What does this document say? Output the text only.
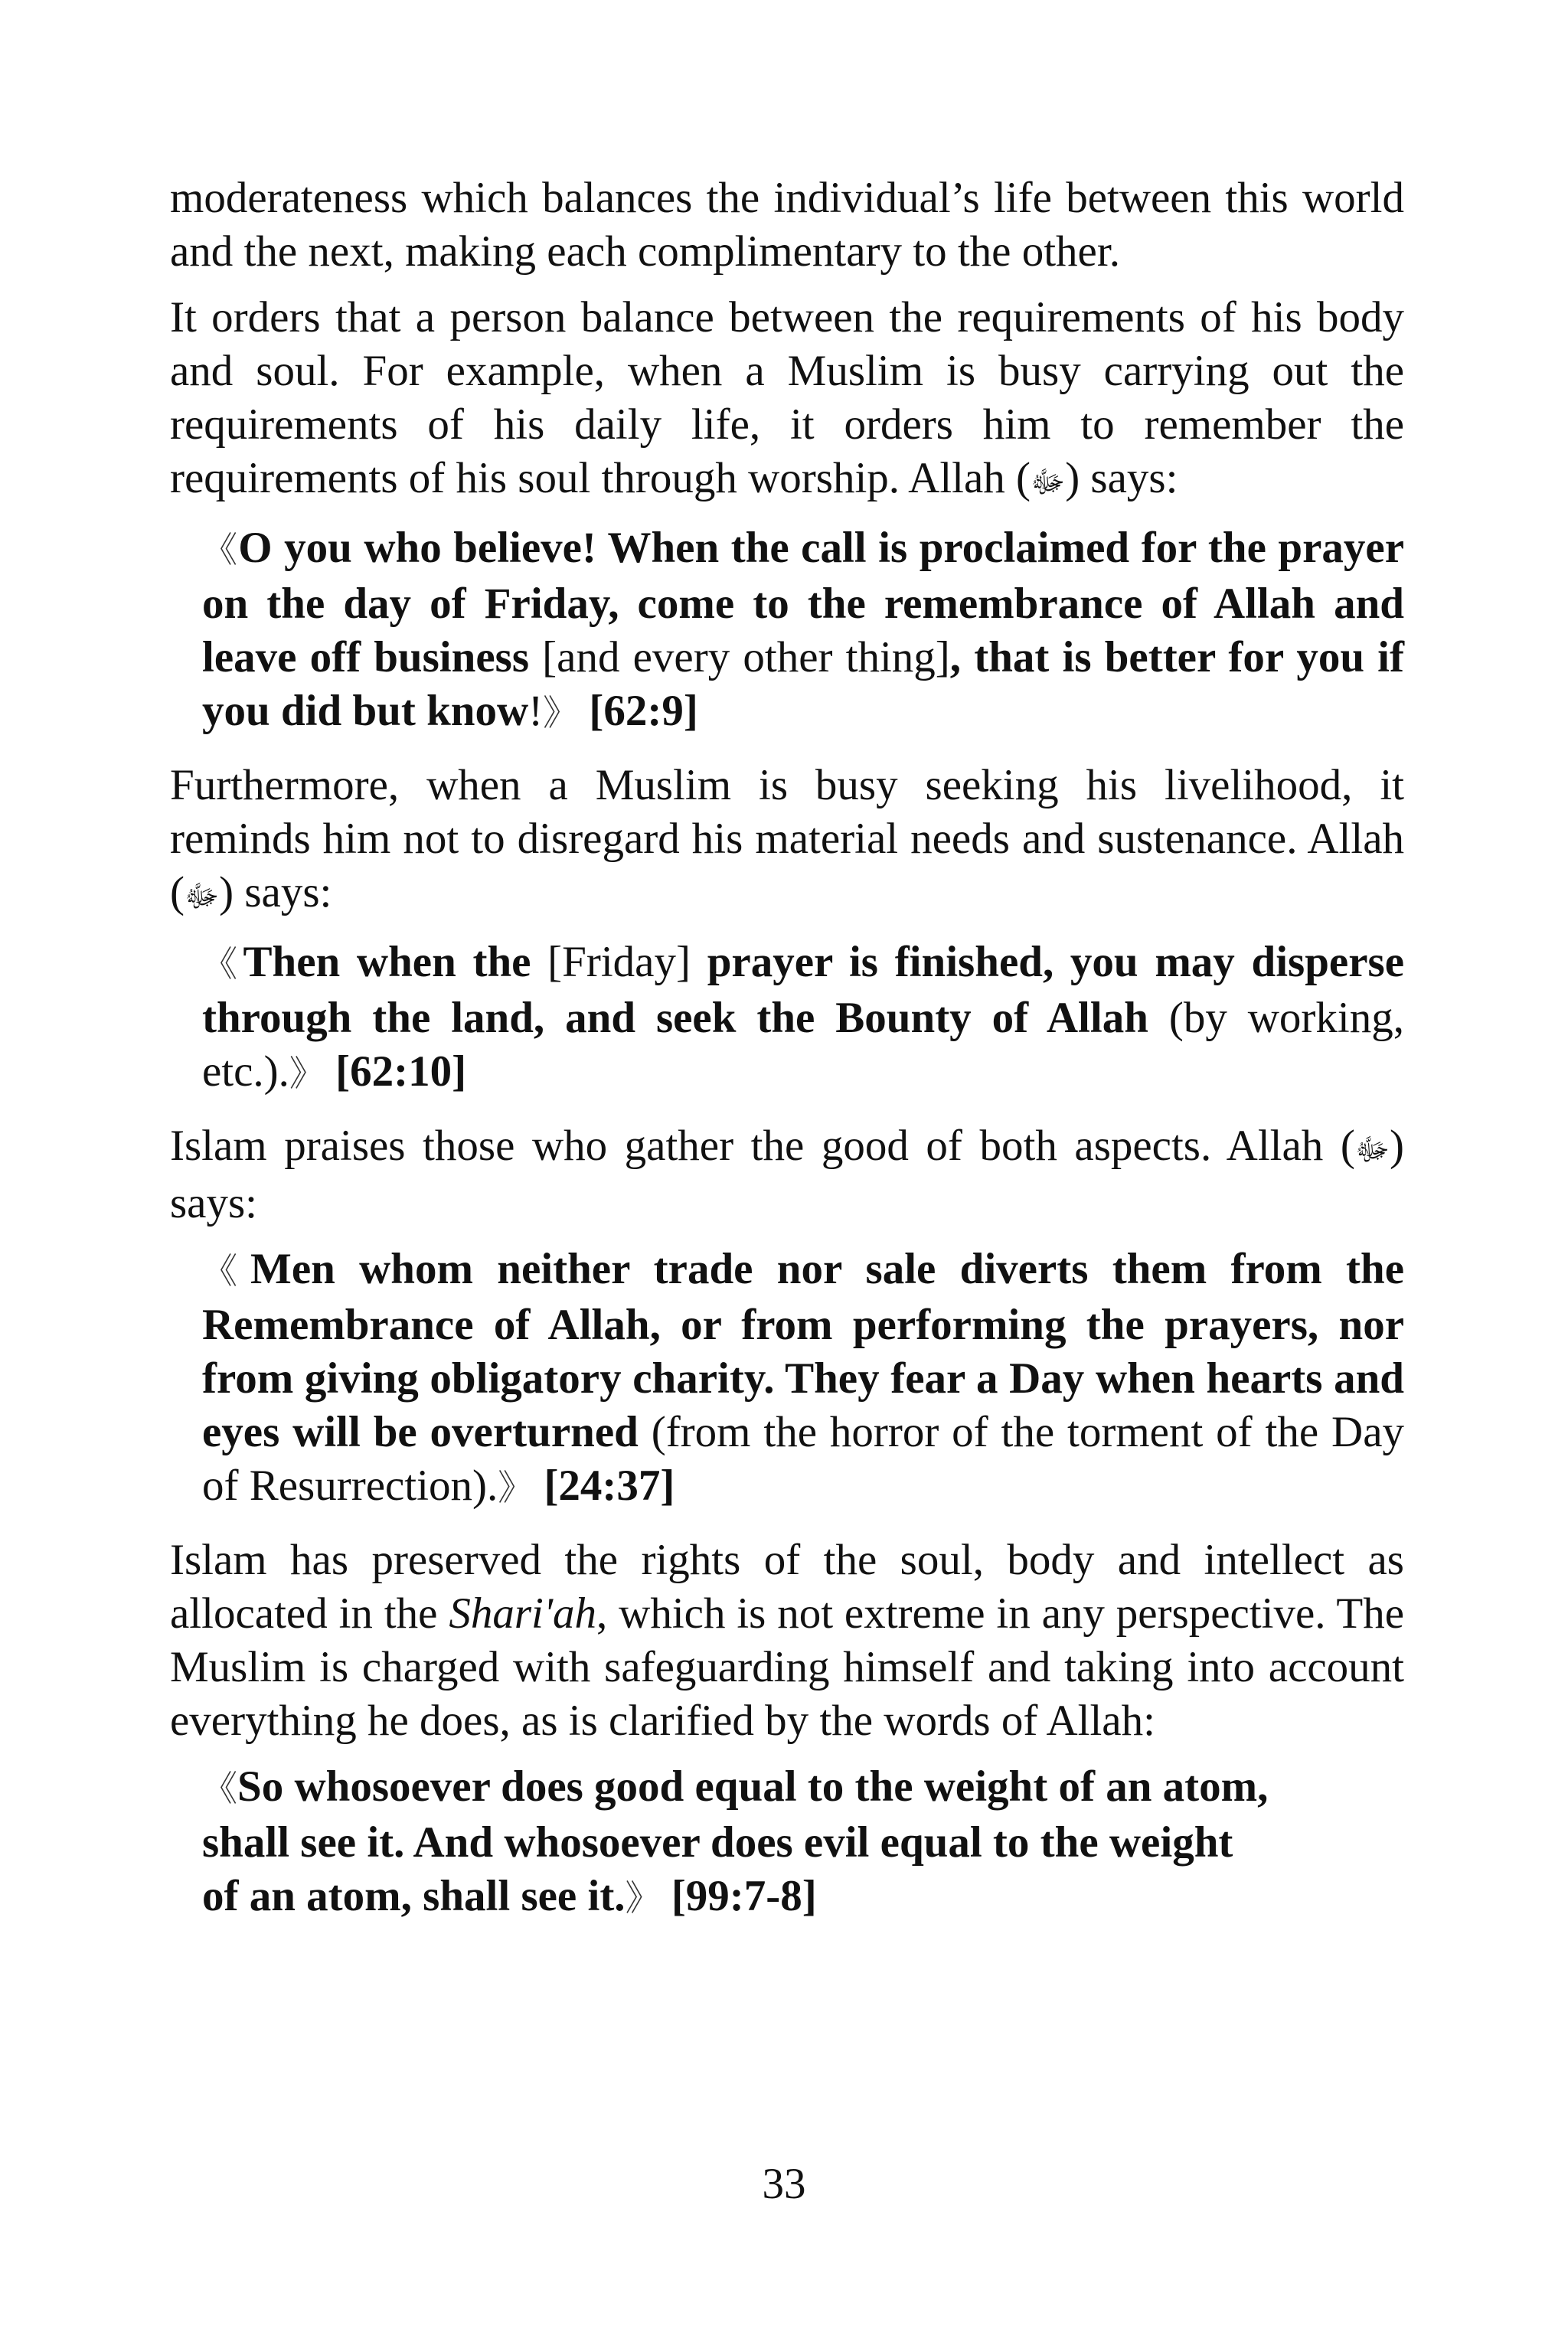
moderateness which balances the individual’s life between this world and the next, making each complimentary to the other.

It orders that a person balance between the requirements of his body and soul. For example, when a Muslim is busy carrying out the requirements of his daily life, it orders him to remember the requirements of his soul through worship. Allah (ﷻ) says:

《O you who believe! When the call is proclaimed for the prayer on the day of Friday, come to the remembrance of Allah and leave off business [and every other thing], that is better for you if you did but know!》 [62:9]

Furthermore, when a Muslim is busy seeking his livelihood, it reminds him not to disregard his material needs and sustenance. Allah (ﷻ) says:

《Then when the [Friday] prayer is finished, you may disperse through the land, and seek the Bounty of Allah (by working, etc.).》 [62:10]

Islam praises those who gather the good of both aspects. Allah (ﷻ) says:

《Men whom neither trade nor sale diverts them from the Remembrance of Allah, or from performing the prayers, nor from giving obligatory charity. They fear a Day when hearts and eyes will be overturned (from the horror of the torment of the Day of Resurrection).》 [24:37]

Islam has preserved the rights of the soul, body and intellect as allocated in the Shari'ah, which is not extreme in any perspective. The Muslim is charged with safeguarding himself and taking into account everything he does, as is clarified by the words of Allah:

《So whosoever does good equal to the weight of an atom,
shall see it. And whosoever does evil equal to the weight
of an atom, shall see it.》 [99:7-8]
33
